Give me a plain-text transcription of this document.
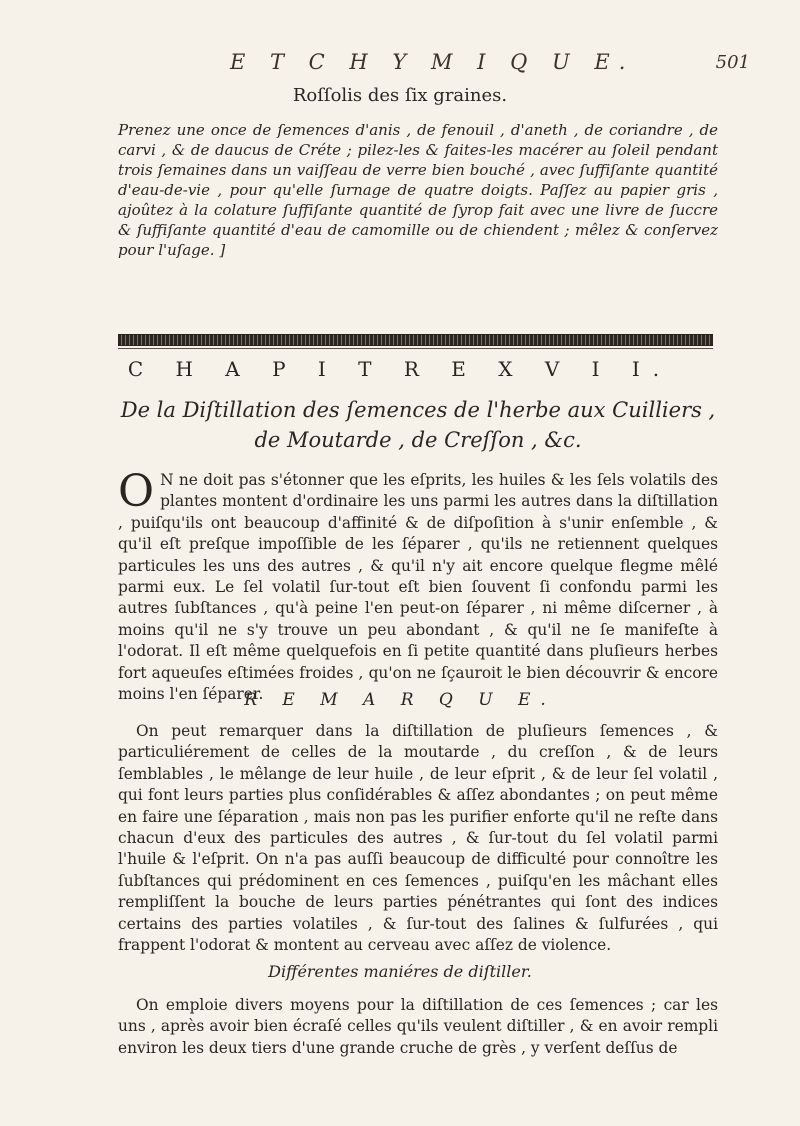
E T C H Y M I Q U E.	501
Roſſolis des ſix graines.

Prenez une once de ſemences d'anis , de fenouil , d'aneth , de coriandre , de carvi , & de daucus de Créte ; pilez-les & faites-les macérer au ſoleil pendant trois ſemaines dans un vaiſſeau de verre bien bouché , avec ſuffiſante quantité d'eau-de-vie , pour qu'elle ſurnage de quatre doigts. Paſſez au papier gris , ajoûtez à la colature ſuffiſante quantité de ſyrop fait avec une livre de ſuccre & ſuffiſante quantité d'eau de camomille ou de chiendent ; mêlez & conſervez pour l'uſage. ]

C H A P I T R E X V I I.
De la Diſtillation des ſemences de l'herbe aux Cuilliers , de Moutarde , de Creſſon , &c.

O N ne doit pas s'étonner que les eſprits, les huiles & les ſels volatils des plantes montent d'ordinaire les uns parmi les autres dans la diſtillation , puiſqu'ils ont beaucoup d'affinité & de diſpoſition à s'unir enſemble , & qu'il eſt preſque impoſſible de les ſéparer , qu'ils ne retiennent quelques particules les uns des autres , & qu'il n'y ait encore quelque flegme mêlé parmi eux. Le ſel volatil ſur-tout eſt bien ſouvent ſi confondu parmi les autres ſubſtances , qu'à peine l'en peut-on ſéparer , ni même diſcerner , à moins qu'il ne s'y trouve un peu abondant , & qu'il ne ſe manifeſte à l'odorat. Il eſt même quelquefois en ſi petite quantité dans pluſieurs herbes fort aqueuſes eſtimées froides , qu'on ne ſçauroit le bien découvrir & encore moins l'en ſéparer.

R E M A R Q U E.

On peut remarquer dans la diſtillation de pluſieurs ſemences , & particuliérement de celles de la moutarde , du creſſon , & de leurs ſemblables , le mêlange de leur huile , de leur eſprit , & de leur ſel volatil , qui font leurs parties plus conſidérables & aſſez abondantes ; on peut même en faire une ſéparation , mais non pas les purifier enforte qu'il ne reſte dans chacun d'eux des particules des autres , & ſur-tout du ſel volatil parmi l'huile & l'eſprit. On n'a pas auſſi beaucoup de difficulté pour connoître les ſubſtances qui prédominent en ces ſemences , puiſqu'en les mâchant elles rempliſſent la bouche de leurs parties pénétrantes qui ſont des indices certains des parties volatiles , & ſur-tout des ſalines & ſulfurées , qui frappent l'odorat & montent au cerveau avec aſſez de violence.

Différentes maniéres de diſtiller.

On emploie divers moyens pour la diſtillation de ces ſemences ; car les uns , après avoir bien écraſé celles qu'ils veulent diſtiller , & en avoir rempli environ les deux tiers d'une grande cruche de grès , y verſent deſſus de
